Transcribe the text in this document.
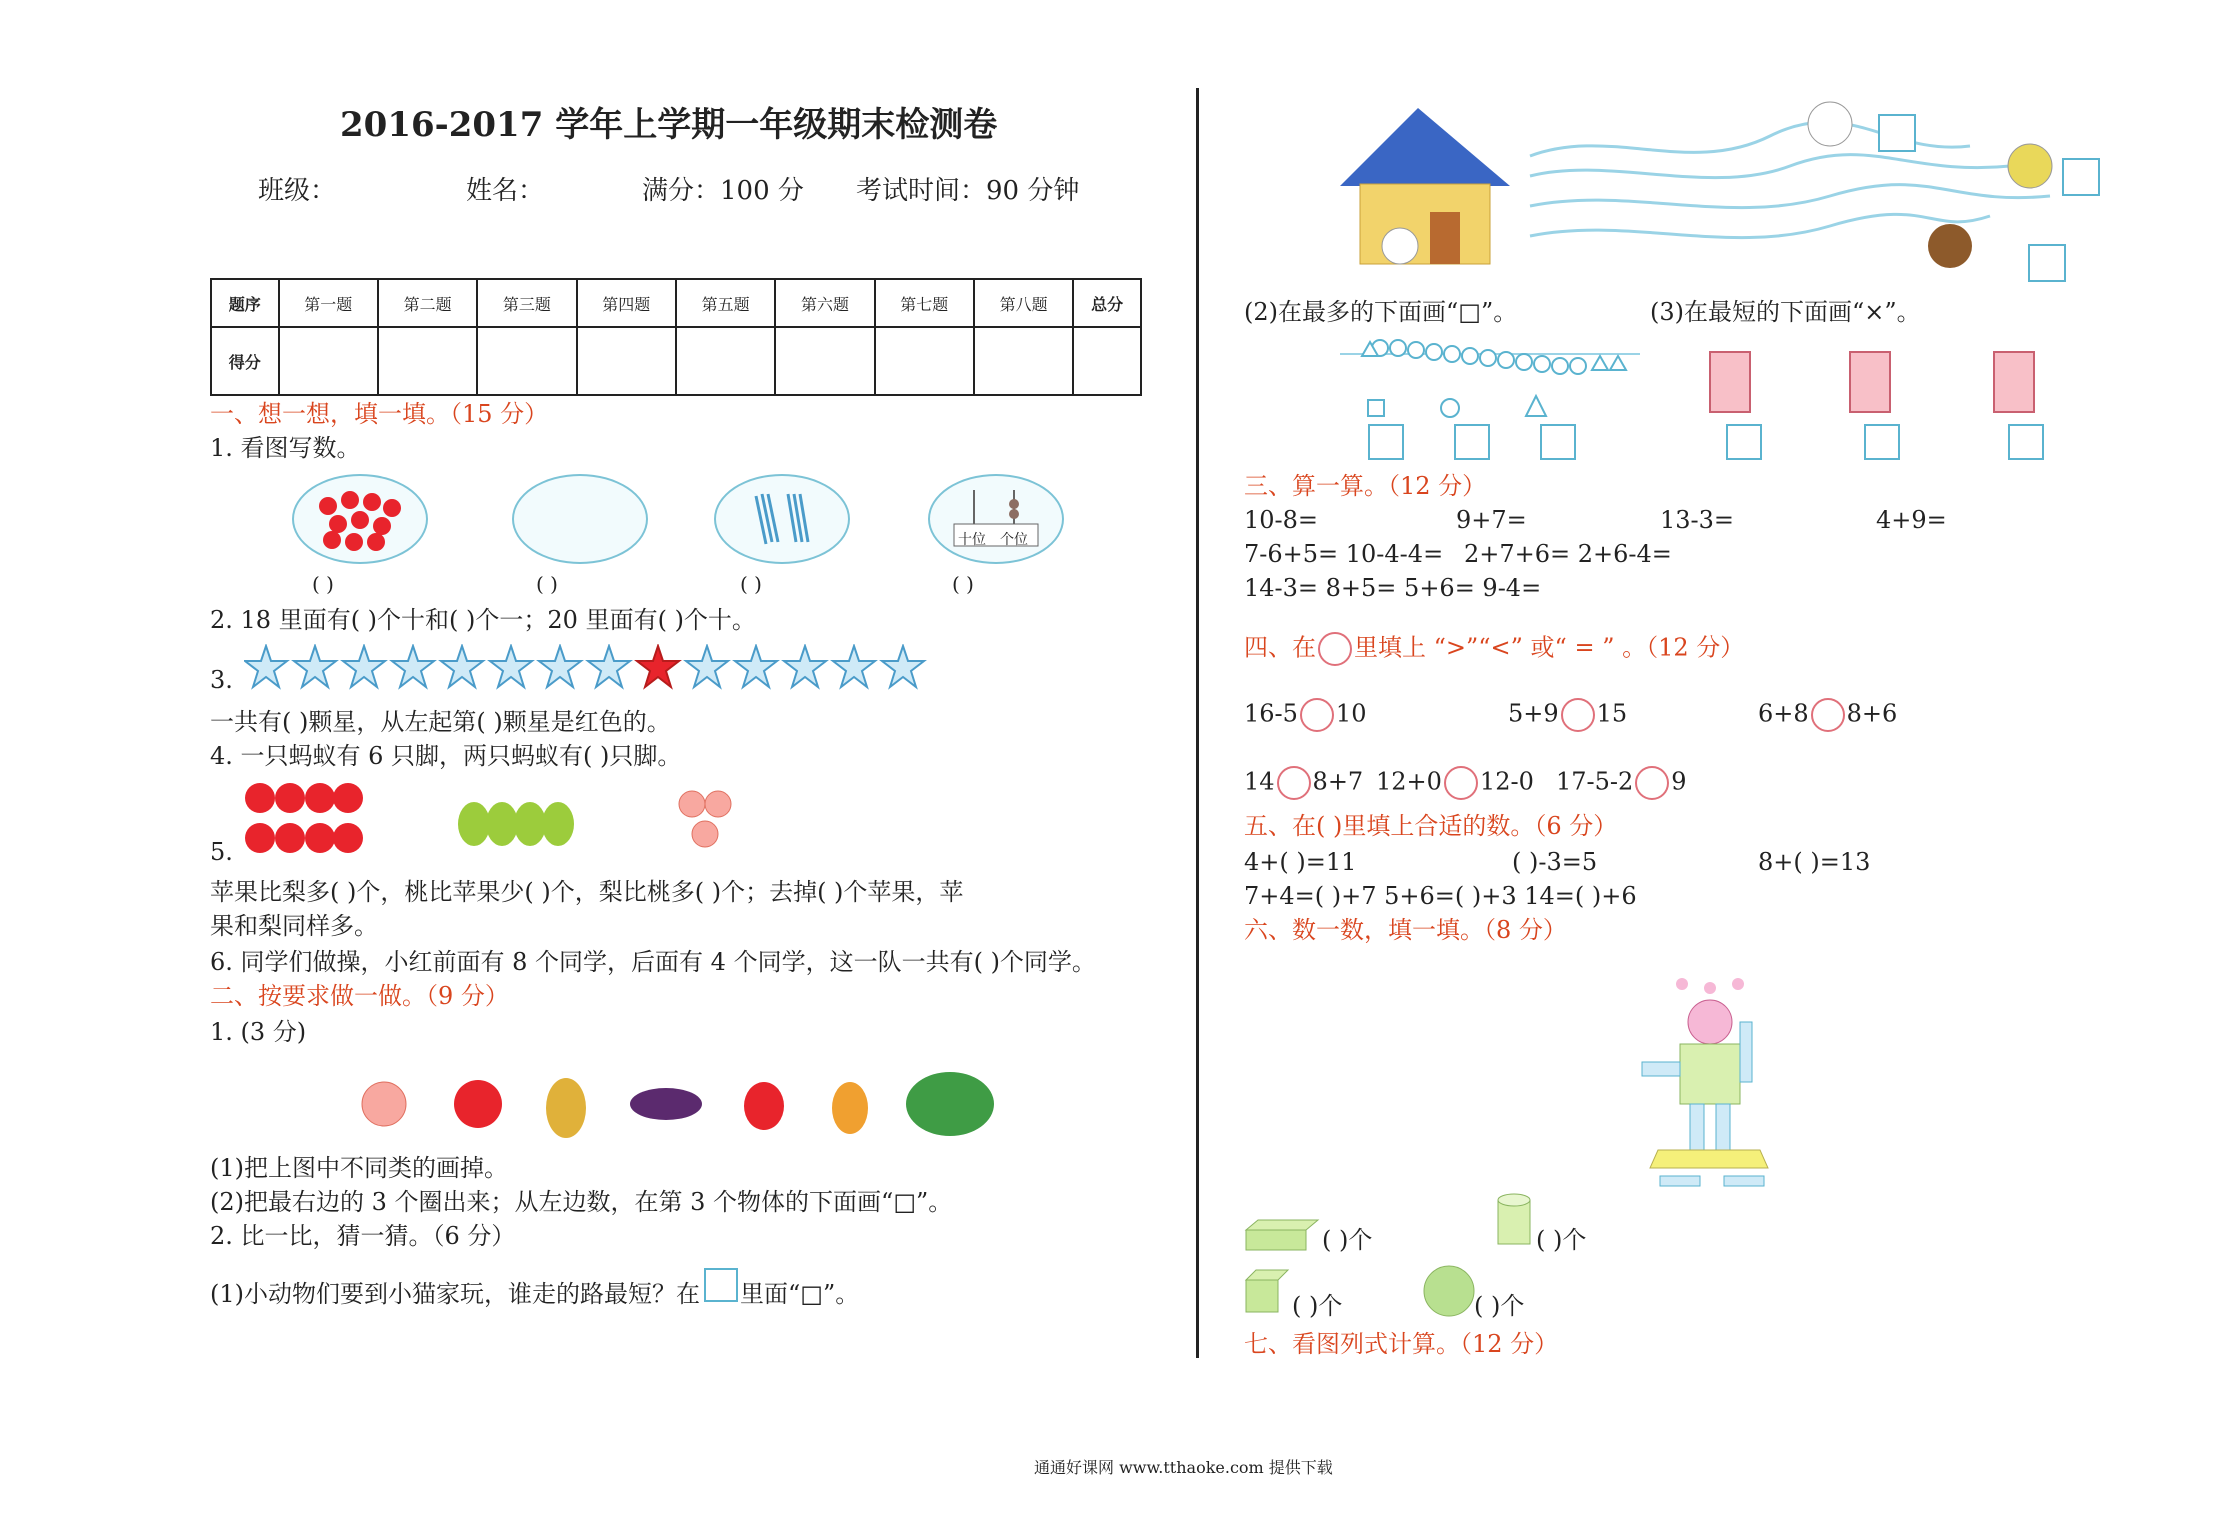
2016-2017 学年上学期一年级期末检测卷
班级：	姓名：	满分：100 分 考试时间：90 分钟
题序	第一题	第二题	第三题	第四题	第五题	第六题	第七题	第八题	总分
得分									
一、想一想，填一填。（15 分）
1. 看图写数。
十位 个位
( )	( )	( )	( )
2. 18 里面有( )个十和( )个一；20 里面有( )个十。
3.
一共有( )颗星，从左起第( )颗星是红色的。
4. 一只蚂蚁有 6 只脚，两只蚂蚁有( )只脚。
5.
苹果比梨多( )个，桃比苹果少( )个，梨比桃多( )个；去掉( )个苹果，苹
果和梨同样多。
6. 同学们做操，小红前面有 8 个同学，后面有 4 个同学，这一队一共有( )个同学。
二、按要求做一做。（9 分）
1. (3 分)
(1)把上图中不同类的画掉。
(2)把最右边的 3 个圈出来；从左边数，在第 3 个物体的下面画“□”。
2. 比一比，猜一猜。（6 分）
(1)小动物们要到小猫家玩，谁走的路最短？在 里面“□”。
(2)在最多的下面画“□”。	(3)在最短的下面画“×”。
三、算一算。（12 分）
10-8=	9+7=	13-3=	4+9=
7-6+5= 10-4-4= 2+7+6= 2+6-4=
14-3= 8+5= 5+6= 9-4=
四、在 里填上 “>”“<” 或“ = ” 。（12 分）
16-5 10	5+9 15	6+8 8+6
14 8+7 12+0 12-0 17-5-2 9
五、在( )里填上合适的数。（6 分）
4+( )=11	( )-3=5	8+( )=13
7+4=( )+7 5+6=( )+3 14=( )+6
六、数一数，填一填。（8 分）
( )个	( )个
( )个	( )个
七、看图列式计算。（12 分）
通通好课网 www.tthaoke.com 提供下载
